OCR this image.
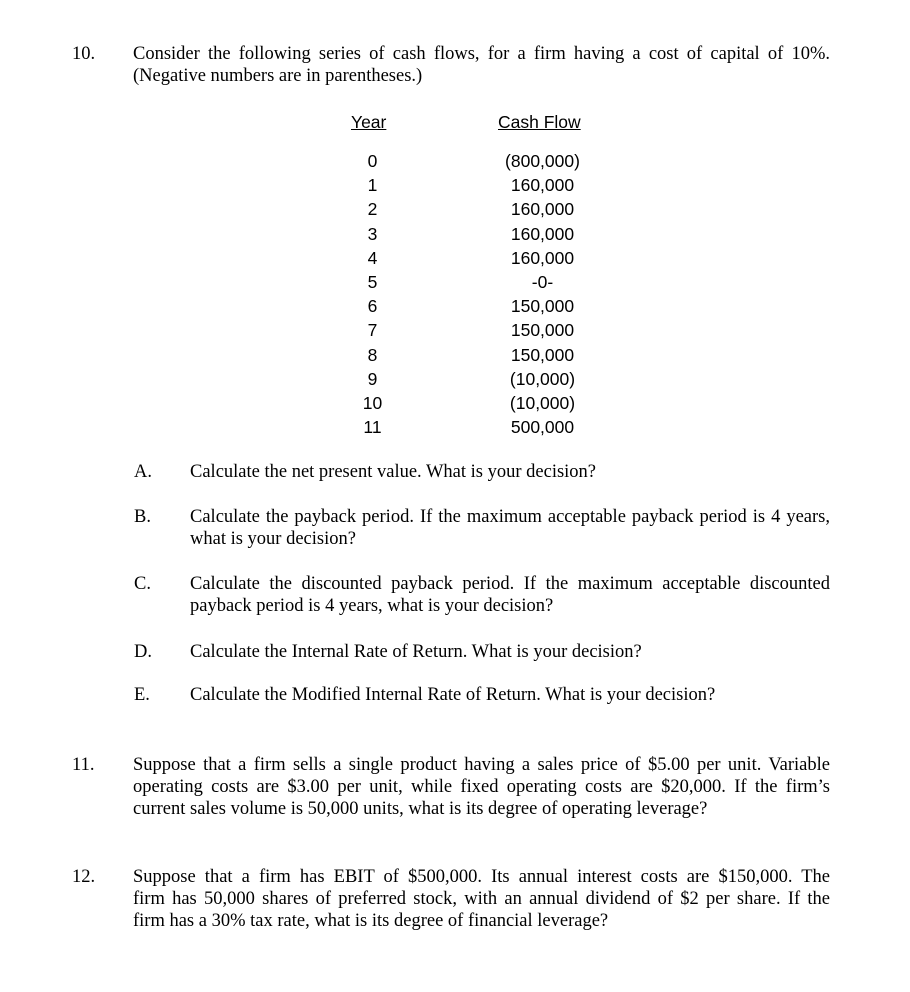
10. Consider the following series of cash flows, for a firm having a cost of capital of 10%.
(Negative numbers are in parentheses.)
Year	Cash Flow
0
1
2
3
4
5
6
7
8
9
10
11
(800,000)
160,000
160,000
160,000
160,000
-0-
150,000
150,000
150,000
(10,000)
(10,000)
500,000
A. Calculate the net present value. What is your decision?
B. Calculate the payback period. If the maximum acceptable payback period is 4 years,
what is your decision?
C. Calculate the discounted payback period. If the maximum acceptable discounted
payback period is 4 years, what is your decision?
D. Calculate the Internal Rate of Return. What is your decision?
E. Calculate the Modified Internal Rate of Return. What is your decision?
11. Suppose that a firm sells a single product having a sales price of $5.00 per unit. Variable
operating costs are $3.00 per unit, while fixed operating costs are $20,000. If the firm’s
current sales volume is 50,000 units, what is its degree of operating leverage?
12. Suppose that a firm has EBIT of $500,000. Its annual interest costs are $150,000. The
firm has 50,000 shares of preferred stock, with an annual dividend of $2 per share. If the
firm has a 30% tax rate, what is its degree of financial leverage?
